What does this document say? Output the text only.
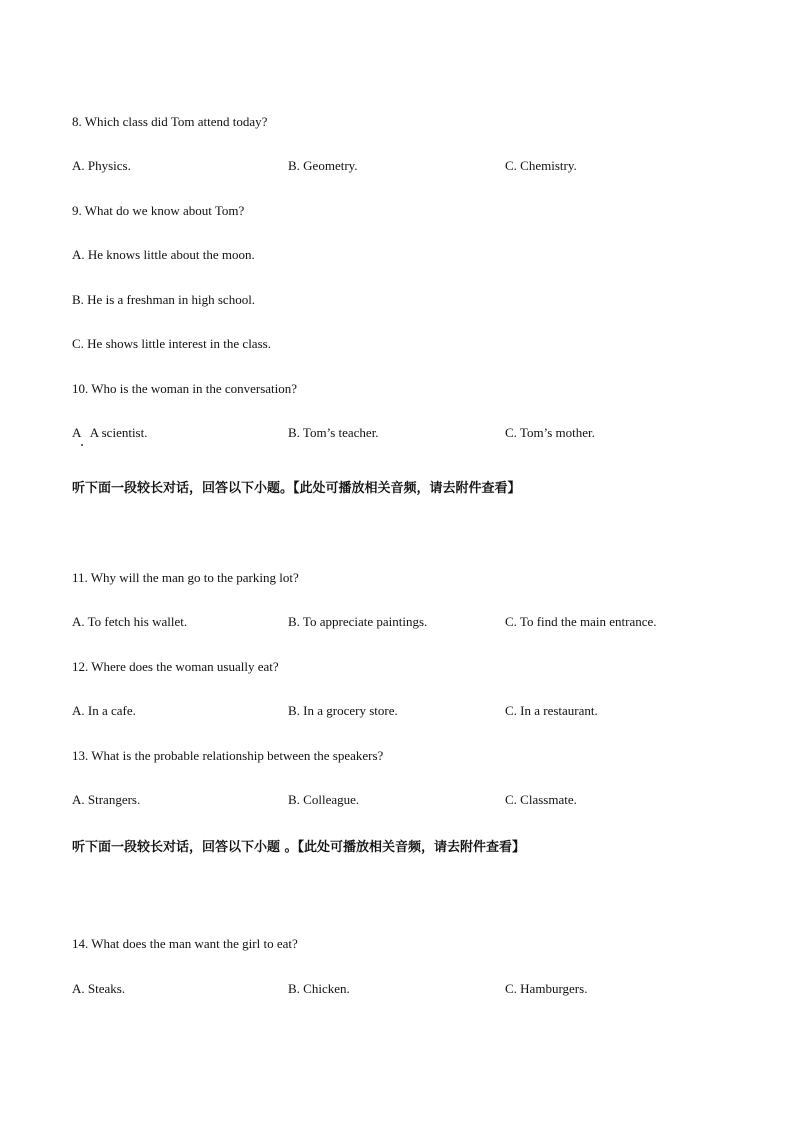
8. Which class did Tom attend today?
A. Physics.	B. Geometry.	C. Chemistry.
9. What do we know about Tom?
A. He knows little about the moon.
B. He is a freshman in high school.
C. He shows little interest in the class.
10. Who is the woman in the conversation?
A   A scientist.	B. Tom’s teacher.	C. Tom’s mother.
听下面一段较长对话，回答以下小题。【此处可播放相关音频，请去附件查看】
11. Why will the man go to the parking lot?
A. To fetch his wallet.	B. To appreciate paintings.	C. To find the main entrance.
12. Where does the woman usually eat?
A. In a cafe.	B. In a grocery store.	C. In a restaurant.
13. What is the probable relationship between the speakers?
A. Strangers.	B. Colleague.	C. Classmate.
听下面一段较长对话，回答以下小题 。【此处可播放相关音频，请去附件查看】
14. What does the man want the girl to eat?
A. Steaks.	B. Chicken.	C. Hamburgers.
